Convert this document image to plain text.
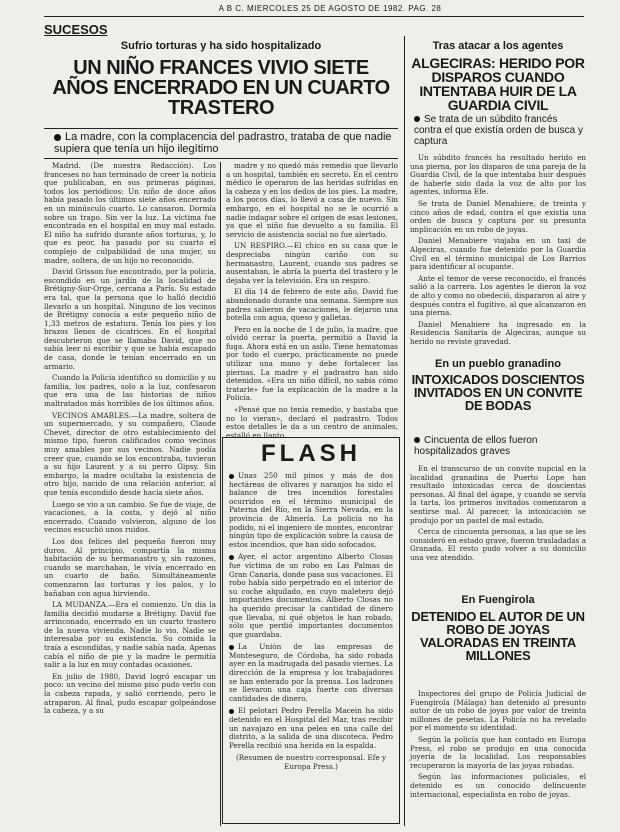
A B C. MIERCOLES 25 DE AGOSTO DE 1982. PAG. 28
SUCESOS
Sufrio torturas y ha sido hospitalizado
UN NIÑO FRANCES VIVIO SIETE AÑOS ENCERRADO EN UN CUARTO TRASTERO
La madre, con la complacencia del padrastro, trataba de que nadie supiera que tenía un hijo ilegítimo

Madrid. (De nuestra Redacción). Los franceses no han terminado de creer la noticia que publicaban, en sus primeras páginas, todos los periódicos: Un niño de doce años había pasado los últimos siete años encerrado en un minúsculo cuarto. Lo cansaron. Dormía sobre un trapo. Sin ver la luz. La víctima fue encontrada en el hospital en muy mal estado. El niño ha sufrido durante años torturas, y, lo que es peor, ha pasado por su cuarto el complejo de culpabilidad de una mujer, su madre, soltera, de un hijo no reconocido.

David Grisson fue encontrado, por la policía, escondido en un jardín de la localidad de Brétigny-Sur-Orge, cercana a París. Su estado era tal, que la persona que lo halló decidió llevarlo a un hospital. Ninguno de los vecinos de Brétigny conocía a este pequeño niño de 1,33 metros de estatura. Tenía los pies y los brazos llenos de cicatrices. En el hospital descubrieron que se llamaba David, que no sabía leer ni escribir y que se había escapado de casa, donde le tenían encerrado en un armario.

Cuando la Policía identificó su domicilio y su familia, los padres, solo a la luz, confesaron que era una de las historias de niños maltratados más horribles de los últimos años.

VECINOS AMABLES.—La madre, soltera de un supermercado, y su compañero, Claude Chevet, director de otro establecimiento del mismo tipo, fueron calificados como vecinos muy amables por sus vecinos. Nadie podía creer que, cuando se los encontraba, tuvieran a su hijo Laurent y a su perro Gipsy. Sin embargo, la madre ocultaba la existencia de otro hijo, nacido de una relación anterior, al que tenía escondido desde hacía siete años.

Luego se vio a un cambio. Se fue de viaje, de vacaciones, a la costa, y dejó al niño encerrado. Cuando volvieron, alguno de los vecinos escuchó unos ruidos.

Los dos felices del pequeño fueron muy duros. Al principio, compartía la misma habitación de su hermanastro y, sin razones, cuando se marchaban, le vivía encerrado en un cuarto de baño. Simultáneamente comenzaron las torturas y los palos, y lo bañaban con agua hirviendo.

LA MUDANZA.—Era el comienzo. Un día la familia decidió mudarse a Brétigny. David fue arrinconado, encerrado en un cuarto trastero de la nueva vivienda. Nadie lo vio. Nadie se interesaba por su existencia. Su comida la traía a escondidas, y nadie sabía nada. Apenas cabía el niño de pie y la madre le permitía salir a la luz en muy contadas ocasiones.

En julio de 1980, David logró escapar un poco: un vecino del mismo piso pudo verlo con la cabeza rapada, y salió corriendo, pero le atraparon. Al final, pudo escapar golpeándose la cabeza, y a su

madre y no quedó más remedio que llevarlo a un hospital, también en secreto. En el centro médico le operaron de las heridas sufridas en la cabeza y en los dedos de los pies. La madre, a los pocos días, lo llevó a casa de nuevo. Sin embargo, en el hospital no se le ocurrió a nadie indagar sobre el origen de esas lesiones, ya que el niño fue devuelto a su familia. El servicio de asistencia social no fue alertado.

UN RESPIRO.—El chico en su casa que le despreciaba ningún cariño con su hermanastro, Laurent, cuando sus padres se ausentaban, le abría la puerta del trastero y le dejaba ver la televisión. Era un respiro.

El día 14 de febrero de este año, David fue abandonado durante una semana. Siempre sus padres salieron de vacaciones, le dejaron una botella con agua, queso y galletas.

Pero en la noche de 1 de julio, la madre, que olvidó cerrar la puerta, permitió a David la fuga. Ahora está en un asilo. Tiene hematomas por todo el cuerpo, prácticamente no puede utilizar una mano y debe fortalecer las piernas. La madre y el padrastro han sido detenidos. «Era un niño difícil, no sabía cómo tratarle» fue la explicación de la madre a la Policía.

«Pensé que no tenía remedio, y bastaba que no lo vieran», declaró el padrastro. Todos estos detalles le da a un centro de animales, estalló en llanto.

FLASH
Unas 250 mil pinos y más de dos hectáreas de olivares y naranjos ha sido el balance de tres incendios forestales ocurridos en el término municipal de Paterna del Río, en la Sierra Nevada, en la provincia de Almería. La policía no ha podido, ni el ingeniero de montes, encontrar ningún tipo de explicación sobre la causa de estos incendios, que han sido sofocados.
Ayer, el actor argentino Alberto Closas fue víctima de un robo en Las Palmas de Gran Canaria, donde pasa sus vacaciones. El robo había sido perpetrado en el interior de su coche alquilado, en cuyo maletero dejó importantes documentos. Alberto Closas no ha querido precisar la cantidad de dinero que llevaba, ni qué objetos le han robado, sólo que perdió importantes documentos que guardaba.
La Unión de las empresas de Monteseguro, de Córdoba, ha sido robada ayer en la madrugada del pasado viernes. La dirección de la empresa y los trabajadores se han enterado por la prensa. Los ladrones se llevaron una caja fuerte con diversas cantidades de dinero.
El pelotari Pedro Perella Macein ha sido detenido en el Hospital del Mar, tras recibir un navajazo en una pelea en una calle del distrito, a la salida de una discoteca. Pedro Perella recibió una herida en la espalda.
(Resumen de nuestro corresponsal. Efe y Europa Press.)
Tras atacar a los agentes
ALGECIRAS: HERIDO POR DISPAROS CUANDO INTENTABA HUIR DE LA GUARDIA CIVIL
Se trata de un súbdito francés contra el que existía orden de busca y captura

Un súbdito francés ha resultado herido en una pierna, por los disparos de una pareja de la Guardia Civil, de la que intentaba huir después de haberle sido dada la voz de alto por los agentes, informa Efe.

Se trata de Daniel Menabiere, de treinta y cinco años de edad, contra el que existía una orden de busca y captura por su presunta implicación en un robo de joyas.

Daniel Menabiere viajaba en un taxi de Algeciras, cuando fue detenido por la Guardia Civil en el término municipal de Los Barrios para identificar al ocupante.

Ante el temor de verse reconocido, el francés salió a la carrera. Los agentes le dieron la voz de alto y como no obedeció, dispararon al aire y después contra el fugitivo, al que alcanzaron en una pierna.

Daniel Menabiere ha ingresado en la Residencia Sanitaria de Algeciras, aunque su herido no reviste gravedad.

En un pueblo granadino
INTOXICADOS DOSCIENTOS INVITADOS EN UN CONVITE DE BODAS
Cincuenta de ellos fueron hospitalizados graves

En el transcurso de un convite nupcial en la localidad granadina de Puerto Lope han resultado intoxicadas cerca de doscientas personas. Al final del ágape, y cuando se servía la tarta, los primeros invitados comenzaron a sentirse mal. Al parecer, la intoxicación se produjo por un pastel de mal estado.

Cerca de cincuenta personas, a las que se les consideró en estado grave, fueron trasladadas a Granada. El resto pudo volver a su domicilio una vez atendido.

En Fuengirola
DETENIDO EL AUTOR DE UN ROBO DE JOYAS VALORADAS EN TREINTA MILLONES

Inspectores del grupo de Policía Judicial de Fuengirola (Málaga) han detenido al presunto autor de un robo de joyas por valor de treinta millones de pesetas. La Policía no ha revelado por el momento su identidad.

Según la policía que han contado en Europa Press, el robo se produjo en una conocida joyería de la localidad. Los responsables recuperaron la mayoría de las joyas robadas.

Según las informaciones policiales, el detenido es un conocido delincuente internacional, especialista en robo de joyas.
